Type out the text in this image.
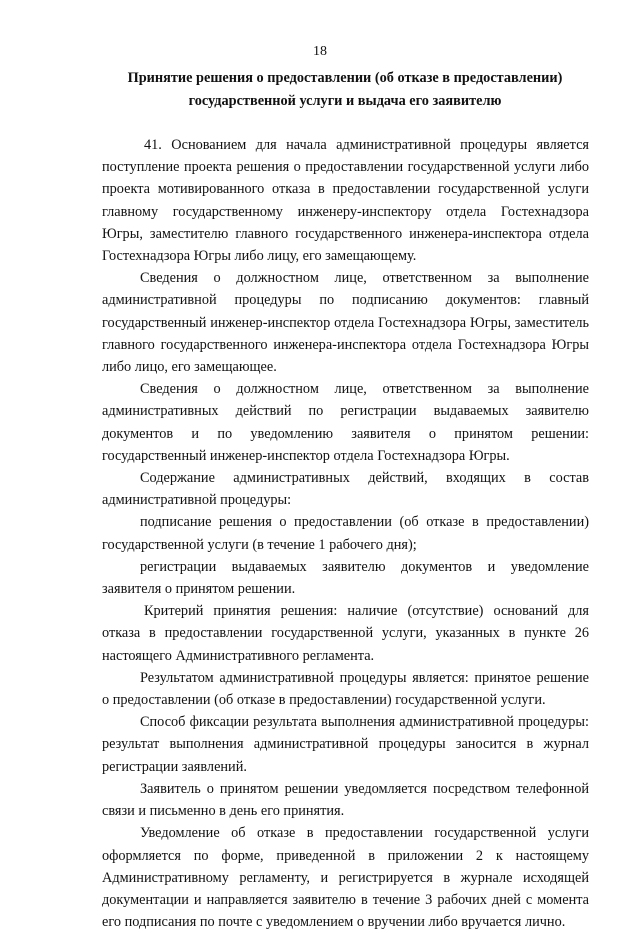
18
Принятие решения о предоставлении (об отказе в предоставлении) государственной услуги и выдача его заявителю

41. Основанием для начала административной процедуры является поступление проекта решения о предоставлении государственной услуги либо проекта мотивированного отказа в предоставлении государственной услуги главному государственному инженеру-инспектору отдела Гостехнадзора Югры, заместителю главного государственного инженера-инспектора отдела Гостехнадзора Югры либо лицу, его замещающему.

Сведения о должностном лице, ответственном за выполнение административной процедуры по подписанию документов: главный государственный инженер-инспектор отдела Гостехнадзора Югры, заместитель главного государственного инженера-инспектора отдела Гостехнадзора Югры либо лицо, его замещающее.

Сведения о должностном лице, ответственном за выполнение административных действий по регистрации выдаваемых заявителю документов и по уведомлению заявителя о принятом решении: государственный инженер-инспектор отдела Гостехнадзора Югры.

Содержание административных действий, входящих в состав административной процедуры:

подписание решения о предоставлении (об отказе в предоставлении) государственной услуги (в течение 1 рабочего дня);

регистрации выдаваемых заявителю документов и уведомление заявителя о принятом решении.

Критерий принятия решения: наличие (отсутствие) оснований для отказа в предоставлении государственной услуги, указанных в пункте 26 настоящего Административного регламента.

Результатом административной процедуры является: принятое решение о предоставлении (об отказе в предоставлении) государственной услуги.

Способ фиксации результата выполнения административной процедуры: результат выполнения административной процедуры заносится в журнал регистрации заявлений.

Заявитель о принятом решении уведомляется посредством телефонной связи и письменно в день его принятия.

Уведомление об отказе в предоставлении государственной услуги оформляется по форме, приведенной в приложении 2 к настоящему Административному регламенту, и регистрируется в журнале исходящей документации и направляется заявителю в течение 3 рабочих дней с момента его подписания по почте с уведомлением о вручении либо вручается лично.
